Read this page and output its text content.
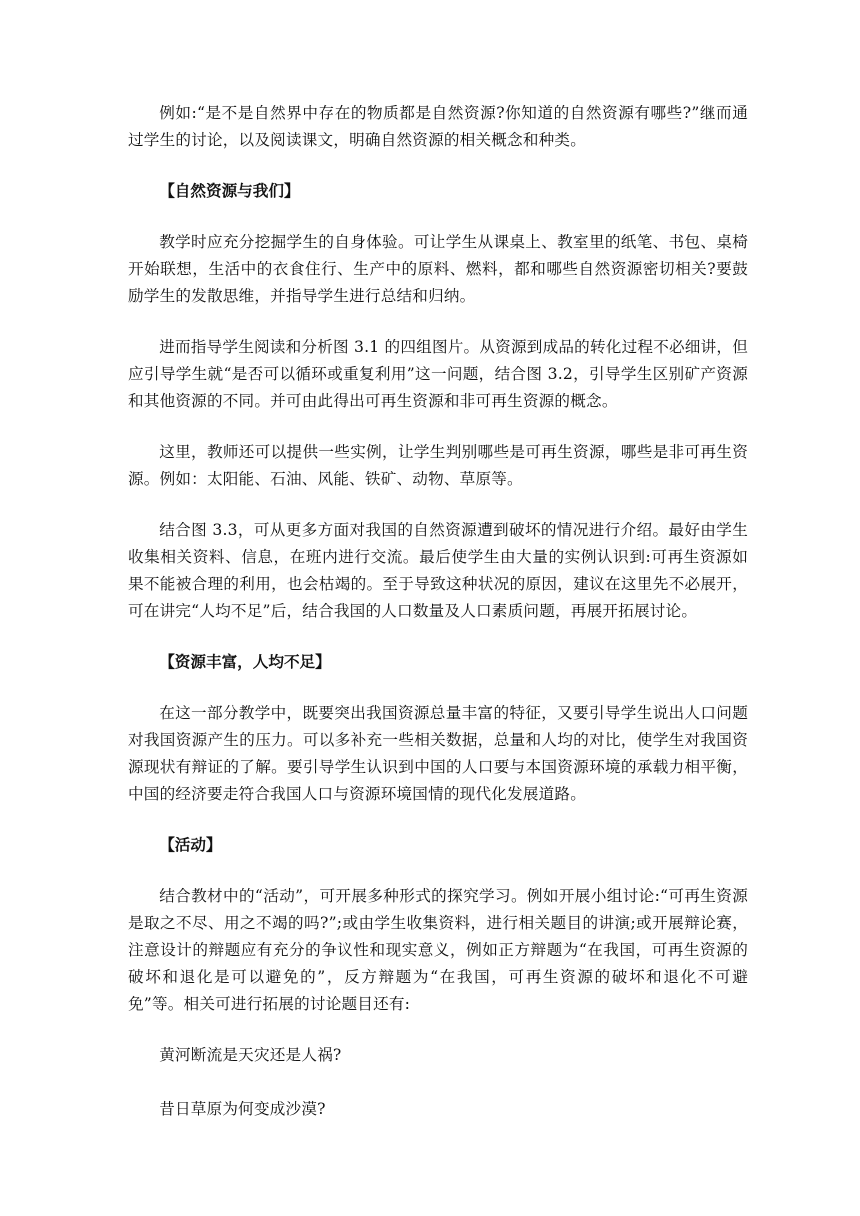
例如:“是不是自然界中存在的物质都是自然资源?你知道的自然资源有哪些?”继而通过学生的讨论，以及阅读课文，明确自然资源的相关概念和种类。

【自然资源与我们】

教学时应充分挖掘学生的自身体验。可让学生从课桌上、教室里的纸笔、书包、桌椅开始联想，生活中的衣食住行、生产中的原料、燃料，都和哪些自然资源密切相关?要鼓励学生的发散思维，并指导学生进行总结和归纳。

进而指导学生阅读和分析图 3.1 的四组图片。从资源到成品的转化过程不必细讲，但应引导学生就“是否可以循环或重复利用”这一问题，结合图 3.2，引导学生区别矿产资源和其他资源的不同。并可由此得出可再生资源和非可再生资源的概念。

这里，教师还可以提供一些实例，让学生判别哪些是可再生资源，哪些是非可再生资源。例如：太阳能、石油、风能、铁矿、动物、草原等。

结合图 3.3，可从更多方面对我国的自然资源遭到破坏的情况进行介绍。最好由学生收集相关资料、信息，在班内进行交流。最后使学生由大量的实例认识到:可再生资源如果不能被合理的利用，也会枯竭的。至于导致这种状况的原因，建议在这里先不必展开，可在讲完“人均不足”后，结合我国的人口数量及人口素质问题，再展开拓展讨论。

【资源丰富，人均不足】

在这一部分教学中，既要突出我国资源总量丰富的特征，又要引导学生说出人口问题对我国资源产生的压力。可以多补充一些相关数据，总量和人均的对比，使学生对我国资源现状有辩证的了解。要引导学生认识到中国的人口要与本国资源环境的承载力相平衡，中国的经济要走符合我国人口与资源环境国情的现代化发展道路。

【活动】

结合教材中的“活动”，可开展多种形式的探究学习。例如开展小组讨论:“可再生资源是取之不尽、用之不竭的吗?”;或由学生收集资料，进行相关题目的讲演;或开展辩论赛，注意设计的辩题应有充分的争议性和现实意义，例如正方辩题为“在我国，可再生资源的破坏和退化是可以避免的”，反方辩题为“在我国，可再生资源的破坏和退化不可避免”等。相关可进行拓展的讨论题目还有:

黄河断流是天灾还是人祸?

昔日草原为何变成沙漠?
